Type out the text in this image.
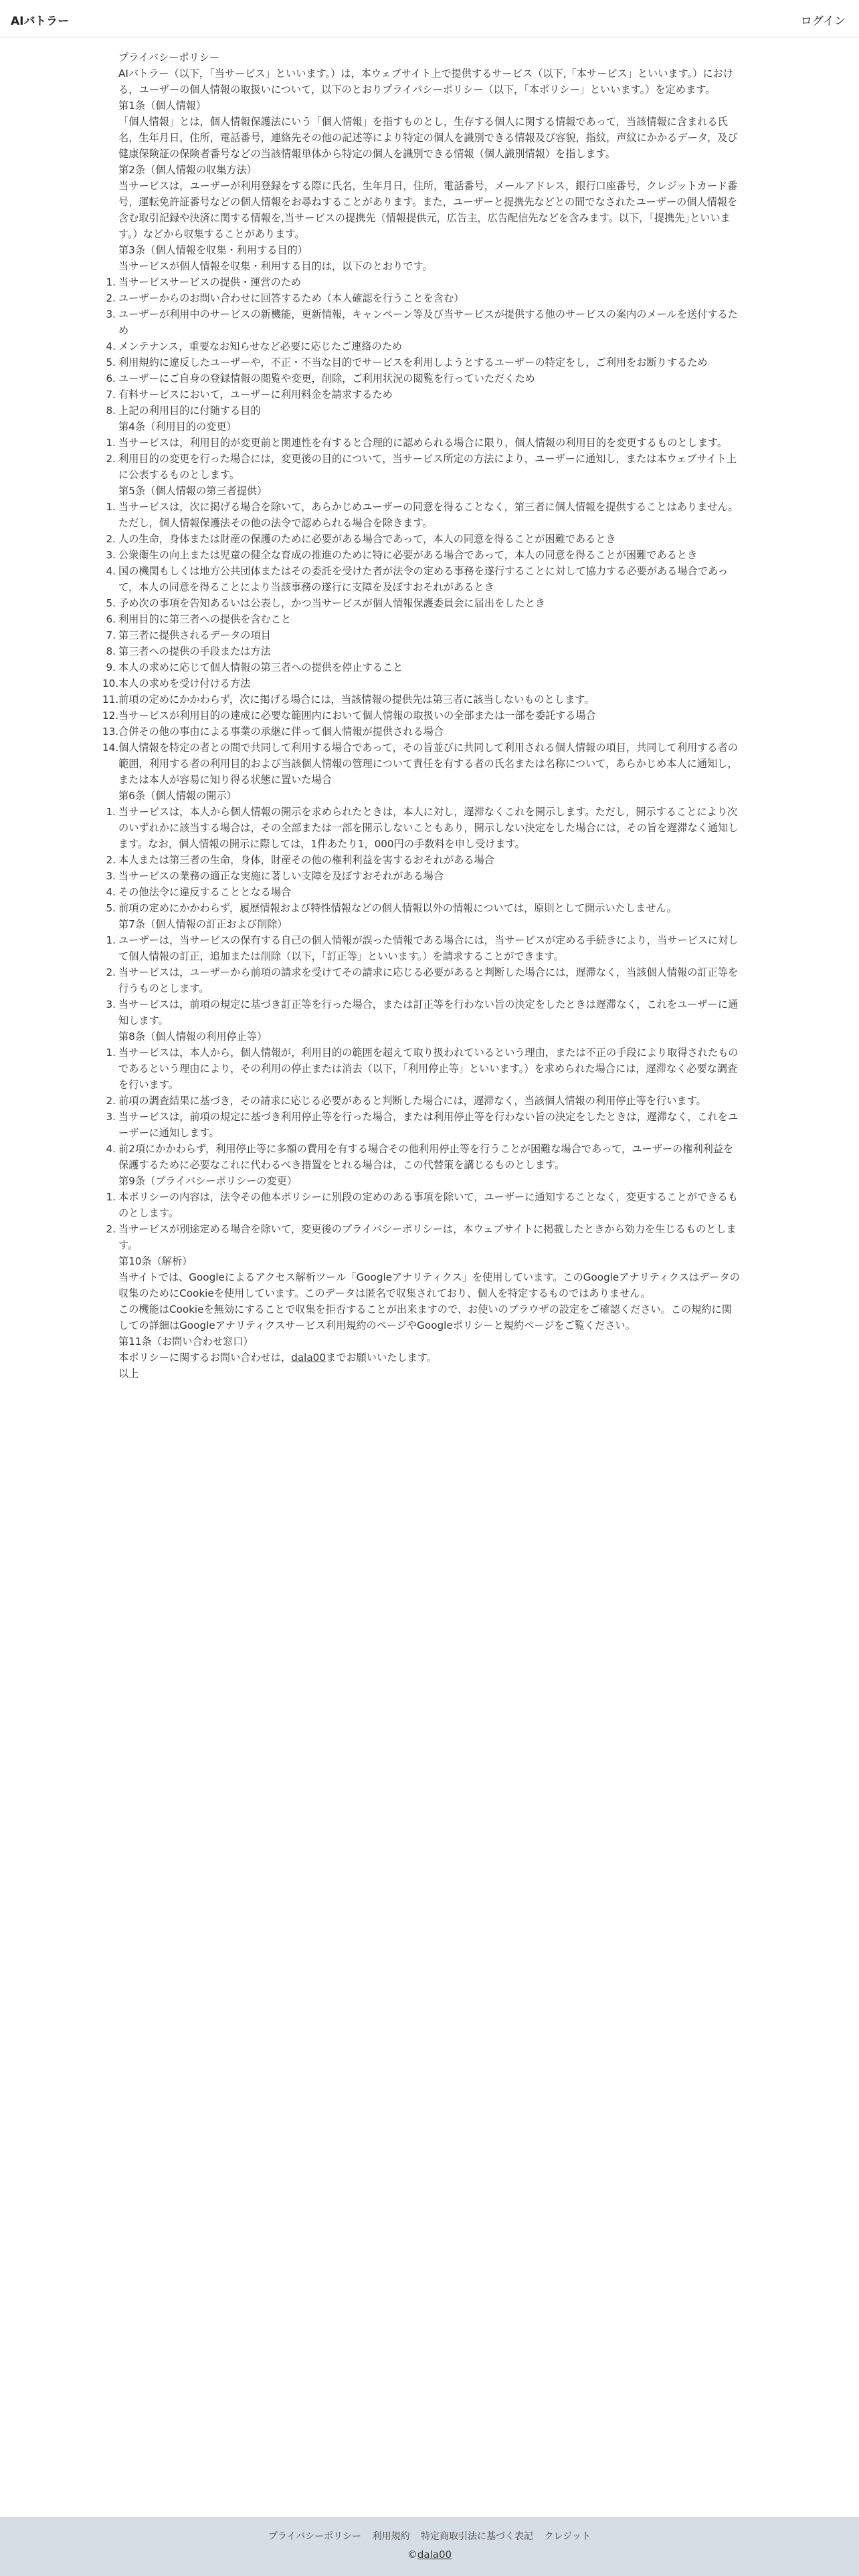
AIバトラー	ログイン

プライバシーポリシー

AIバトラー（以下，「当サービス」といいます。）は，本ウェブサイト上で提供するサービス（以下,「本サービス」といいます。）における，ユーザーの個人情報の取扱いについて，以下のとおりプライバシーポリシー（以下，「本ポリシー」といいます。）を定めます。

第1条（個人情報）

「個人情報」とは，個人情報保護法にいう「個人情報」を指すものとし，生存する個人に関する情報であって，当該情報に含まれる氏名，生年月日，住所，電話番号，連絡先その他の記述等により特定の個人を識別できる情報及び容貌，指紋，声紋にかかるデータ，及び健康保険証の保険者番号などの当該情報単体から特定の個人を識別できる情報（個人識別情報）を指します。

第2条（個人情報の収集方法）

当サービスは，ユーザーが利用登録をする際に氏名，生年月日，住所，電話番号，メールアドレス，銀行口座番号，クレジットカード番号，運転免許証番号などの個人情報をお尋ねすることがあります。また，ユーザーと提携先などとの間でなされたユーザーの個人情報を含む取引記録や決済に関する情報を,当サービスの提携先（情報提供元，広告主，広告配信先などを含みます。以下，｢提携先｣といいます。）などから収集することがあります。

第3条（個人情報を収集・利用する目的）

当サービスが個人情報を収集・利用する目的は，以下のとおりです。

当サービスサービスの提供・運営のため
ユーザーからのお問い合わせに回答するため（本人確認を行うことを含む）
ユーザーが利用中のサービスの新機能，更新情報，キャンペーン等及び当サービスが提供する他のサービスの案内のメールを送付するため
メンテナンス，重要なお知らせなど必要に応じたご連絡のため
利用規約に違反したユーザーや，不正・不当な目的でサービスを利用しようとするユーザーの特定をし，ご利用をお断りするため
ユーザーにご自身の登録情報の閲覧や変更，削除，ご利用状況の閲覧を行っていただくため
有料サービスにおいて，ユーザーに利用料金を請求するため
上記の利用目的に付随する目的

第4条（利用目的の変更）

当サービスは，利用目的が変更前と関連性を有すると合理的に認められる場合に限り，個人情報の利用目的を変更するものとします。
利用目的の変更を行った場合には，変更後の目的について，当サービス所定の方法により，ユーザーに通知し，または本ウェブサイト上に公表するものとします。

第5条（個人情報の第三者提供）

当サービスは，次に掲げる場合を除いて，あらかじめユーザーの同意を得ることなく，第三者に個人情報を提供することはありません。ただし，個人情報保護法その他の法令で認められる場合を除きます。
人の生命，身体または財産の保護のために必要がある場合であって，本人の同意を得ることが困難であるとき
公衆衛生の向上または児童の健全な育成の推進のために特に必要がある場合であって，本人の同意を得ることが困難であるとき
国の機関もしくは地方公共団体またはその委託を受けた者が法令の定める事務を遂行することに対して協力する必要がある場合であって，本人の同意を得ることにより当該事務の遂行に支障を及ぼすおそれがあるとき
予め次の事項を告知あるいは公表し，かつ当サービスが個人情報保護委員会に届出をしたとき
利用目的に第三者への提供を含むこと
第三者に提供されるデータの項目
第三者への提供の手段または方法
本人の求めに応じて個人情報の第三者への提供を停止すること
本人の求めを受け付ける方法
前項の定めにかかわらず，次に掲げる場合には，当該情報の提供先は第三者に該当しないものとします。
当サービスが利用目的の達成に必要な範囲内において個人情報の取扱いの全部または一部を委託する場合
合併その他の事由による事業の承継に伴って個人情報が提供される場合
個人情報を特定の者との間で共同して利用する場合であって，その旨並びに共同して利用される個人情報の項目，共同して利用する者の範囲，利用する者の利用目的および当該個人情報の管理について責任を有する者の氏名または名称について，あらかじめ本人に通知し，または本人が容易に知り得る状態に置いた場合

第6条（個人情報の開示）

当サービスは，本人から個人情報の開示を求められたときは，本人に対し，遅滞なくこれを開示します。ただし，開示することにより次のいずれかに該当する場合は，その全部または一部を開示しないこともあり，開示しない決定をした場合には，その旨を遅滞なく通知します。なお，個人情報の開示に際しては，1件あたり1，000円の手数料を申し受けます。
本人または第三者の生命，身体，財産その他の権利利益を害するおそれがある場合
当サービスの業務の適正な実施に著しい支障を及ぼすおそれがある場合
その他法令に違反することとなる場合
前項の定めにかかわらず，履歴情報および特性情報などの個人情報以外の情報については，原則として開示いたしません。

第7条（個人情報の訂正および削除）

ユーザーは，当サービスの保有する自己の個人情報が誤った情報である場合には，当サービスが定める手続きにより，当サービスに対して個人情報の訂正，追加または削除（以下，「訂正等」といいます。）を請求することができます。
当サービスは，ユーザーから前項の請求を受けてその請求に応じる必要があると判断した場合には，遅滞なく，当該個人情報の訂正等を行うものとします。
当サービスは，前項の規定に基づき訂正等を行った場合，または訂正等を行わない旨の決定をしたときは遅滞なく，これをユーザーに通知します。

第8条（個人情報の利用停止等）

当サービスは，本人から，個人情報が，利用目的の範囲を超えて取り扱われているという理由，または不正の手段により取得されたものであるという理由により，その利用の停止または消去（以下，「利用停止等」といいます。）を求められた場合には，遅滞なく必要な調査を行います。
前項の調査結果に基づき，その請求に応じる必要があると判断した場合には，遅滞なく，当該個人情報の利用停止等を行います。
当サービスは，前項の規定に基づき利用停止等を行った場合，または利用停止等を行わない旨の決定をしたときは，遅滞なく，これをユーザーに通知します。
前2項にかかわらず，利用停止等に多額の費用を有する場合その他利用停止等を行うことが困難な場合であって，ユーザーの権利利益を保護するために必要なこれに代わるべき措置をとれる場合は，この代替策を講じるものとします。

第9条（プライバシーポリシーの変更）

本ポリシーの内容は，法令その他本ポリシーに別段の定めのある事項を除いて，ユーザーに通知することなく，変更することができるものとします。
当サービスが別途定める場合を除いて，変更後のプライバシーポリシーは，本ウェブサイトに掲載したときから効力を生じるものとします。

第10条（解析）

当サイトでは、Googleによるアクセス解析ツール「Googleアナリティクス」を使用しています。このGoogleアナリティクスはデータの収集のためにCookieを使用しています。このデータは匿名で収集されており、個人を特定するものではありません。

この機能はCookieを無効にすることで収集を拒否することが出来ますので、お使いのブラウザの設定をご確認ください。この規約に関しての詳細はGoogleアナリティクスサービス利用規約のページやGoogleポリシーと規約ページをご覧ください。

第11条（お問い合わせ窓口）

本ポリシーに関するお問い合わせは，dala00までお願いいたします。

以上

プライバシーポリシー 利用規約 特定商取引法に基づく表記 クレジット
©dala00
